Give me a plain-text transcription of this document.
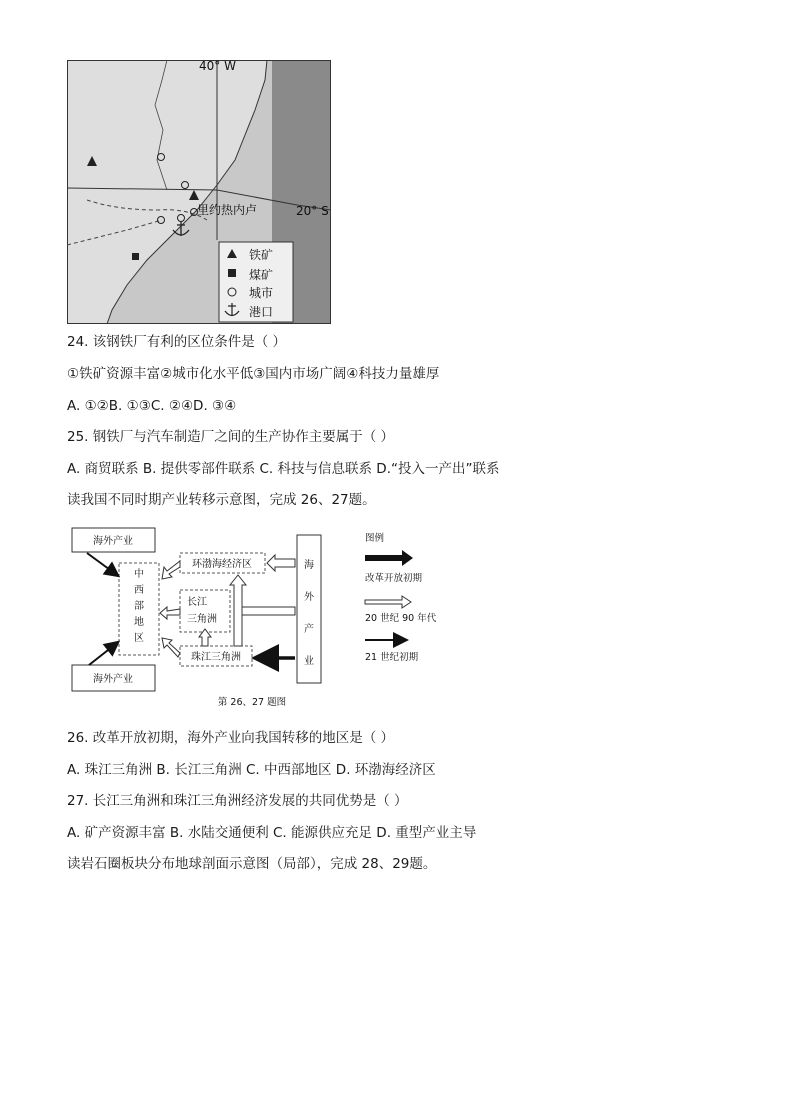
40° W
里约热内卢	20° S
铁矿
煤矿
城市
港口
24. 该钢铁厂有利的区位条件是（ ）
①铁矿资源丰富②城市化水平低③国内市场广阔④科技力量雄厚
A. ①②B. ①③C. ②④D. ③④
25. 钢铁厂与汽车制造厂之间的生产协作主要属于（ ）
A. 商贸联系 B. 提供零部件联系 C. 科技与信息联系 D.“投入一产出”联系
读我国不同时期产业转移示意图，完成 26、27题。
海外产业
海外产业
中
西
部
地
区
环渤海经济区
长江
三角洲
珠江三角洲
海
外
产
业
图例
改革开放初期
20 世纪 90 年代
21 世纪初期
第 26、27 题图
26. 改革开放初期，海外产业向我国转移的地区是（ ）
A. 珠江三角洲 B. 长江三角洲 C. 中西部地区 D. 环渤海经济区
27. 长江三角洲和珠江三角洲经济发展的共同优势是（ ）
A. 矿产资源丰富 B. 水陆交通便利 C. 能源供应充足 D. 重型产业主导
读岩石圈板块分布地球剖面示意图（局部），完成 28、29题。
